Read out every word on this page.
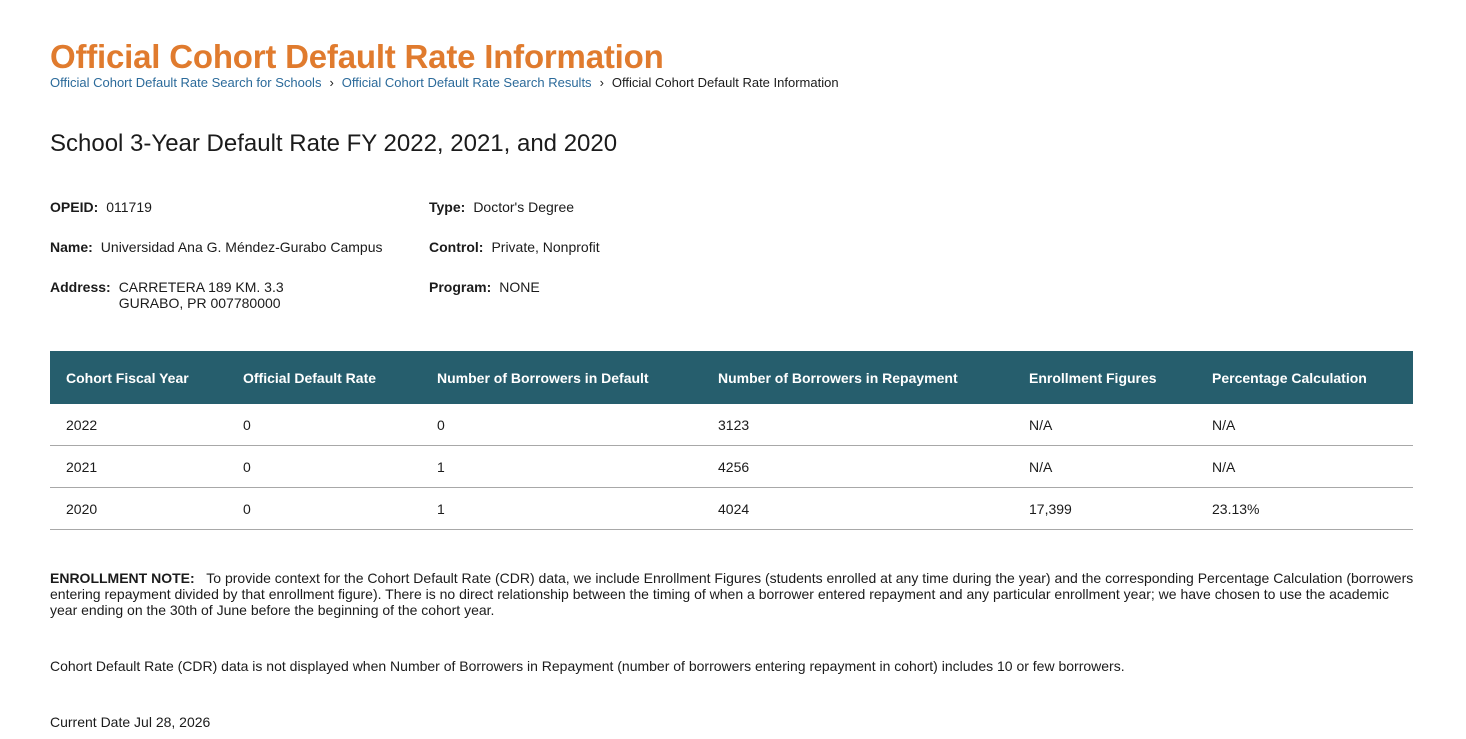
Official Cohort Default Rate Information
Official Cohort Default Rate Search for Schools › Official Cohort Default Rate Search Results › Official Cohort Default Rate Information
School 3-Year Default Rate FY 2022, 2021, and 2020
OPEID: 011719
Name: Universidad Ana G. Méndez-Gurabo Campus
Address: CARRETERA 189 KM. 3.3
GURABO, PR 007780000
Type: Doctor's Degree
Control: Private, Nonprofit
Program: NONE
Cohort Fiscal Year	Official Default Rate	Number of Borrowers in Default	Number of Borrowers in Repayment	Enrollment Figures	Percentage Calculation
2022	0	0	3123	N/A	N/A
2021	0	1	4256	N/A	N/A
2020	0	1	4024	17,399	23.13%

ENROLLMENT NOTE: To provide context for the Cohort Default Rate (CDR) data, we include Enrollment Figures (students enrolled at any time during the year) and the corresponding Percentage Calculation (borrowers entering repayment divided by that enrollment figure). There is no direct relationship between the timing of when a borrower entered repayment and any particular enrollment year; we have chosen to use the academic year ending on the 30th of June before the beginning of the cohort year.

Cohort Default Rate (CDR) data is not displayed when Number of Borrowers in Repayment (number of borrowers entering repayment in cohort) includes 10 or few borrowers.

Current Date Jul 28, 2026
